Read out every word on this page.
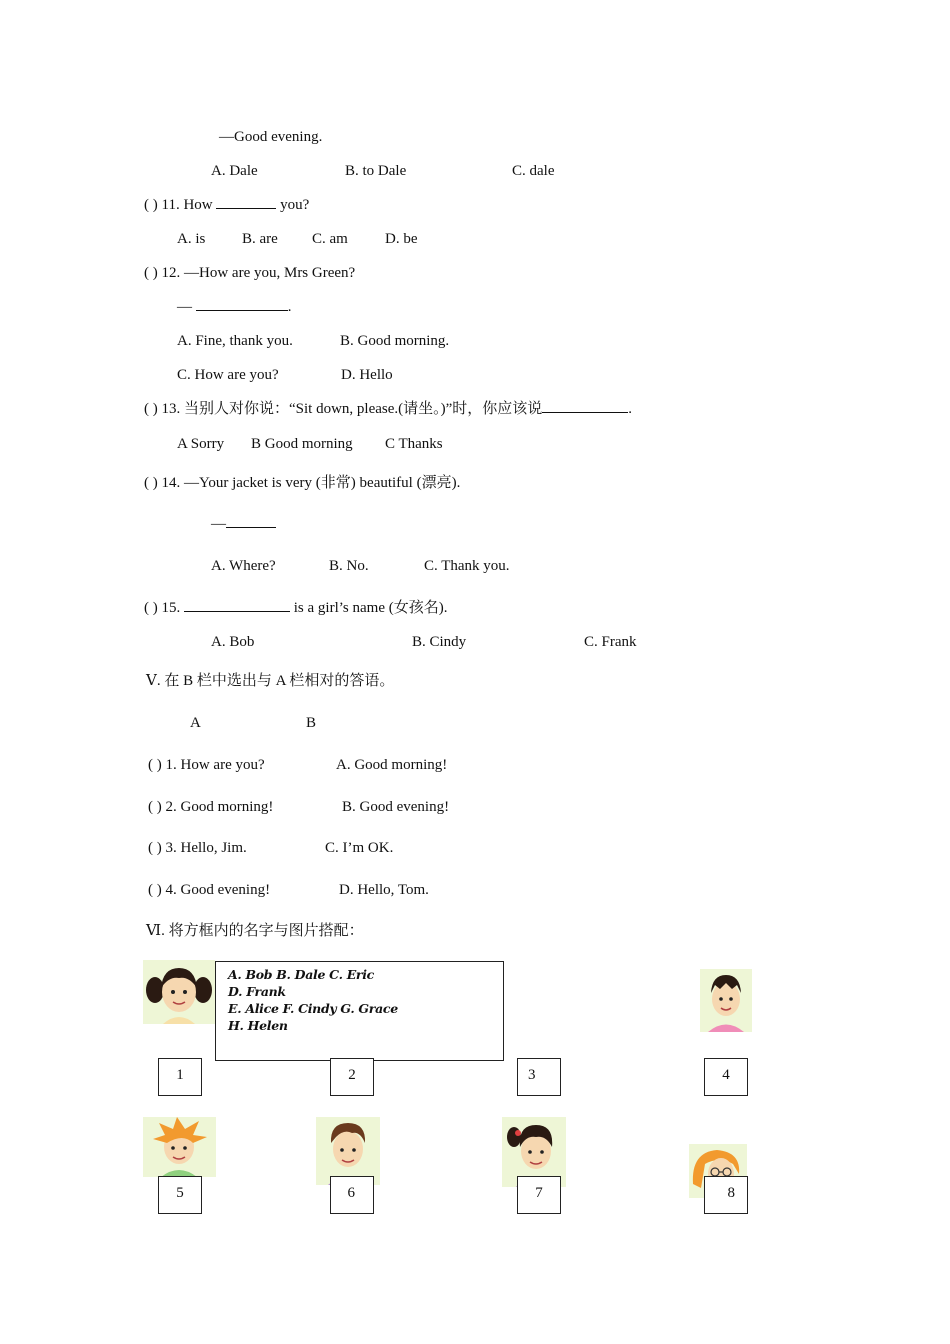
—Good evening.
A. Dale	B. to Dale	C. dale
( ) 11. How	you?
A. is B. are C. am D. be
( ) 12. —How are you, Mrs Green?
—	.
A. Fine, thank you.	B. Good morning.
C. How are you?	D. Hello
( ) 13. 当别人对你说：“Sit down, please.(请坐。)”时，你应该说	.
A Sorry B Good morning C Thanks
( ) 14. —Your jacket is very (非常) beautiful (漂亮).
—
A. Where?	B. No.	C. Thank you.
( ) 15.	is a girl’s name (女孩名).
A. Bob	B. Cindy	C. Frank
Ⅴ. 在 B 栏中选出与 A 栏相对的答语。
A	B
( ) 1. How are you?	A. Good morning!
( ) 2. Good morning!	B. Good evening!
( ) 3. Hello, Jim.	C. I’m OK.
( ) 4. Good evening!	D. Hello, Tom.
Ⅵ. 将方框内的名字与图片搭配：
A. Bob B. Dale C. Eric
D. Frank
E. Alice F. Cindy G. Grace
H. Helen
1	2	3	4
5	6	7	8
